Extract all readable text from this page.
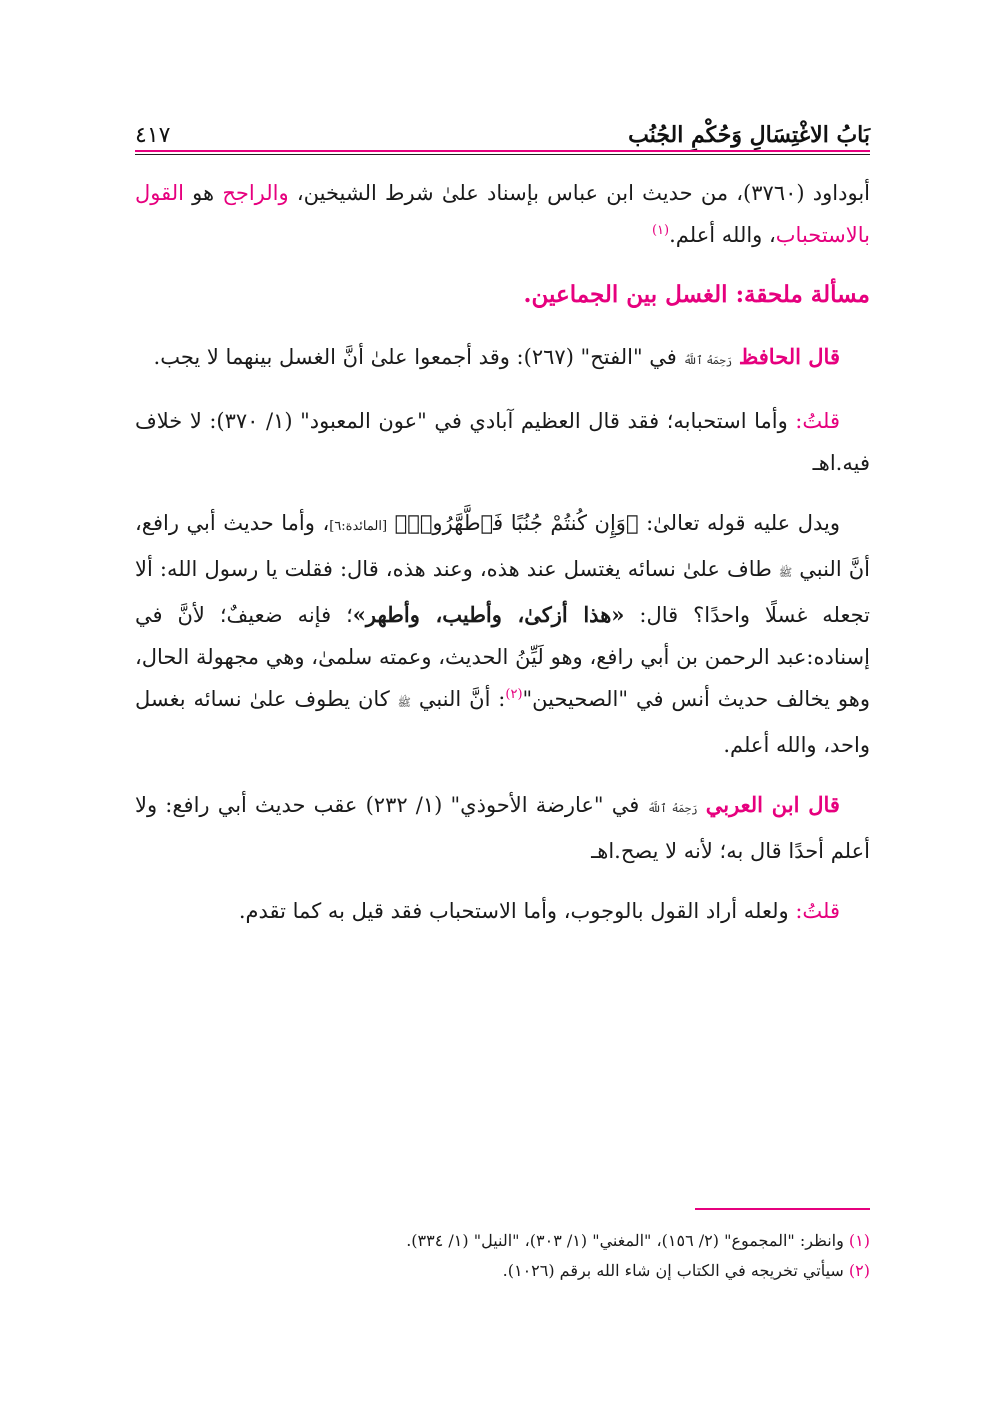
بَابُ الاغْتِسَالِ وَحُكْمِ الجُنُب
٤١٧

أبوداود (٣٧٦٠)، من حديث ابن عباس بإسناد علىٰ شرط الشيخين، والراجح هو القول بالاستحباب، والله أعلم.$^{(١)}$

مسألة ملحقة: الغسل بين الجماعين.

قال الحافظ رَحِمَهُ ٱللَّهُ في "الفتح" (٢٦٧): وقد أجمعوا علىٰ أنَّ الغسل بينهما لا يجب.

قلتُ: وأما استحبابه؛ فقد قال العظيم آبادي في "عون المعبود" (١/ ٣٧٠): لا خلاف فيه.اهـ

ويدل عليه قوله تعالىٰ: ﴿وَإِن كُنتُمْ جُنُبًا فَٱطَّهَّرُوا۟﴾ [المائدة:٦]، وأما حديث أبي رافع، أنَّ النبي ﷺ طاف علىٰ نسائه يغتسل عند هذه، وعند هذه، قال: فقلت يا رسول الله: ألا تجعله غسلًا واحدًا؟ قال: «هذا أزكىٰ، وأطيب، وأطهر»؛ فإنه ضعيفٌ؛ لأنَّ في إسناده:عبد الرحمن بن أبي رافع، وهو لَيِّنُ الحديث، وعمته سلمىٰ، وهي مجهولة الحال، وهو يخالف حديث أنس في "الصحيحين"$^{(٢)}$: أنَّ النبي ﷺ كان يطوف علىٰ نسائه بغسل واحد، والله أعلم.

قال ابن العربي رَحِمَهُ ٱللَّهُ في "عارضة الأحوذي" (١/ ٢٣٢) عقب حديث أبي رافع: ولا أعلم أحدًا قال به؛ لأنه لا يصح.اهـ

قلتُ: ولعله أراد القول بالوجوب، وأما الاستحباب فقد قيل به كما تقدم.

(١) وانظر: "المجموع" (٢/ ١٥٦)، "المغني" (١/ ٣٠٣)، "النيل" (١/ ٣٣٤).
(٢) سيأتي تخريجه في الكتاب إن شاء الله برقم (١٠٢٦).
